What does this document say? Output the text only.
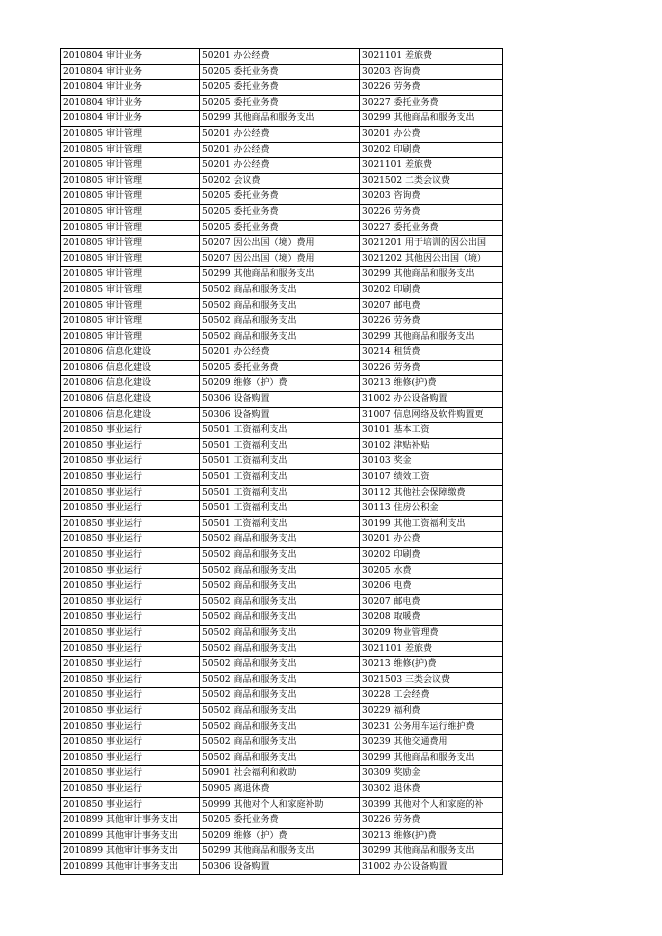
2010804 审计业务	50201 办公经费	3021101 差旅费
2010804 审计业务	50205 委托业务费	30203 咨询费
2010804 审计业务	50205 委托业务费	30226 劳务费
2010804 审计业务	50205 委托业务费	30227 委托业务费
2010804 审计业务	50299 其他商品和服务支出	30299 其他商品和服务支出
2010805 审计管理	50201 办公经费	30201 办公费
2010805 审计管理	50201 办公经费	30202 印刷费
2010805 审计管理	50201 办公经费	3021101 差旅费
2010805 审计管理	50202 会议费	3021502 二类会议费
2010805 审计管理	50205 委托业务费	30203 咨询费
2010805 审计管理	50205 委托业务费	30226 劳务费
2010805 审计管理	50205 委托业务费	30227 委托业务费
2010805 审计管理	50207 因公出国（境）费用	3021201 用于培训的因公出国
2010805 审计管理	50207 因公出国（境）费用	3021202 其他因公出国（境）
2010805 审计管理	50299 其他商品和服务支出	30299 其他商品和服务支出
2010805 审计管理	50502 商品和服务支出	30202 印刷费
2010805 审计管理	50502 商品和服务支出	30207 邮电费
2010805 审计管理	50502 商品和服务支出	30226 劳务费
2010805 审计管理	50502 商品和服务支出	30299 其他商品和服务支出
2010806 信息化建设	50201 办公经费	30214 租赁费
2010806 信息化建设	50205 委托业务费	30226 劳务费
2010806 信息化建设	50209 维修（护）费	30213 维修(护)费
2010806 信息化建设	50306 设备购置	31002 办公设备购置
2010806 信息化建设	50306 设备购置	31007 信息网络及软件购置更
2010850 事业运行	50501 工资福利支出	30101 基本工资
2010850 事业运行	50501 工资福利支出	30102 津贴补贴
2010850 事业运行	50501 工资福利支出	30103 奖金
2010850 事业运行	50501 工资福利支出	30107 绩效工资
2010850 事业运行	50501 工资福利支出	30112 其他社会保障缴费
2010850 事业运行	50501 工资福利支出	30113 住房公积金
2010850 事业运行	50501 工资福利支出	30199 其他工资福利支出
2010850 事业运行	50502 商品和服务支出	30201 办公费
2010850 事业运行	50502 商品和服务支出	30202 印刷费
2010850 事业运行	50502 商品和服务支出	30205 水费
2010850 事业运行	50502 商品和服务支出	30206 电费
2010850 事业运行	50502 商品和服务支出	30207 邮电费
2010850 事业运行	50502 商品和服务支出	30208 取暖费
2010850 事业运行	50502 商品和服务支出	30209 物业管理费
2010850 事业运行	50502 商品和服务支出	3021101 差旅费
2010850 事业运行	50502 商品和服务支出	30213 维修(护)费
2010850 事业运行	50502 商品和服务支出	3021503 三类会议费
2010850 事业运行	50502 商品和服务支出	30228 工会经费
2010850 事业运行	50502 商品和服务支出	30229 福利费
2010850 事业运行	50502 商品和服务支出	30231 公务用车运行维护费
2010850 事业运行	50502 商品和服务支出	30239 其他交通费用
2010850 事业运行	50502 商品和服务支出	30299 其他商品和服务支出
2010850 事业运行	50901 社会福利和救助	30309 奖励金
2010850 事业运行	50905 离退休费	30302 退休费
2010850 事业运行	50999 其他对个人和家庭补助	30399 其他对个人和家庭的补
2010899 其他审计事务支出	50205 委托业务费	30226 劳务费
2010899 其他审计事务支出	50209 维修（护）费	30213 维修(护)费
2010899 其他审计事务支出	50299 其他商品和服务支出	30299 其他商品和服务支出
2010899 其他审计事务支出	50306 设备购置	31002 办公设备购置
